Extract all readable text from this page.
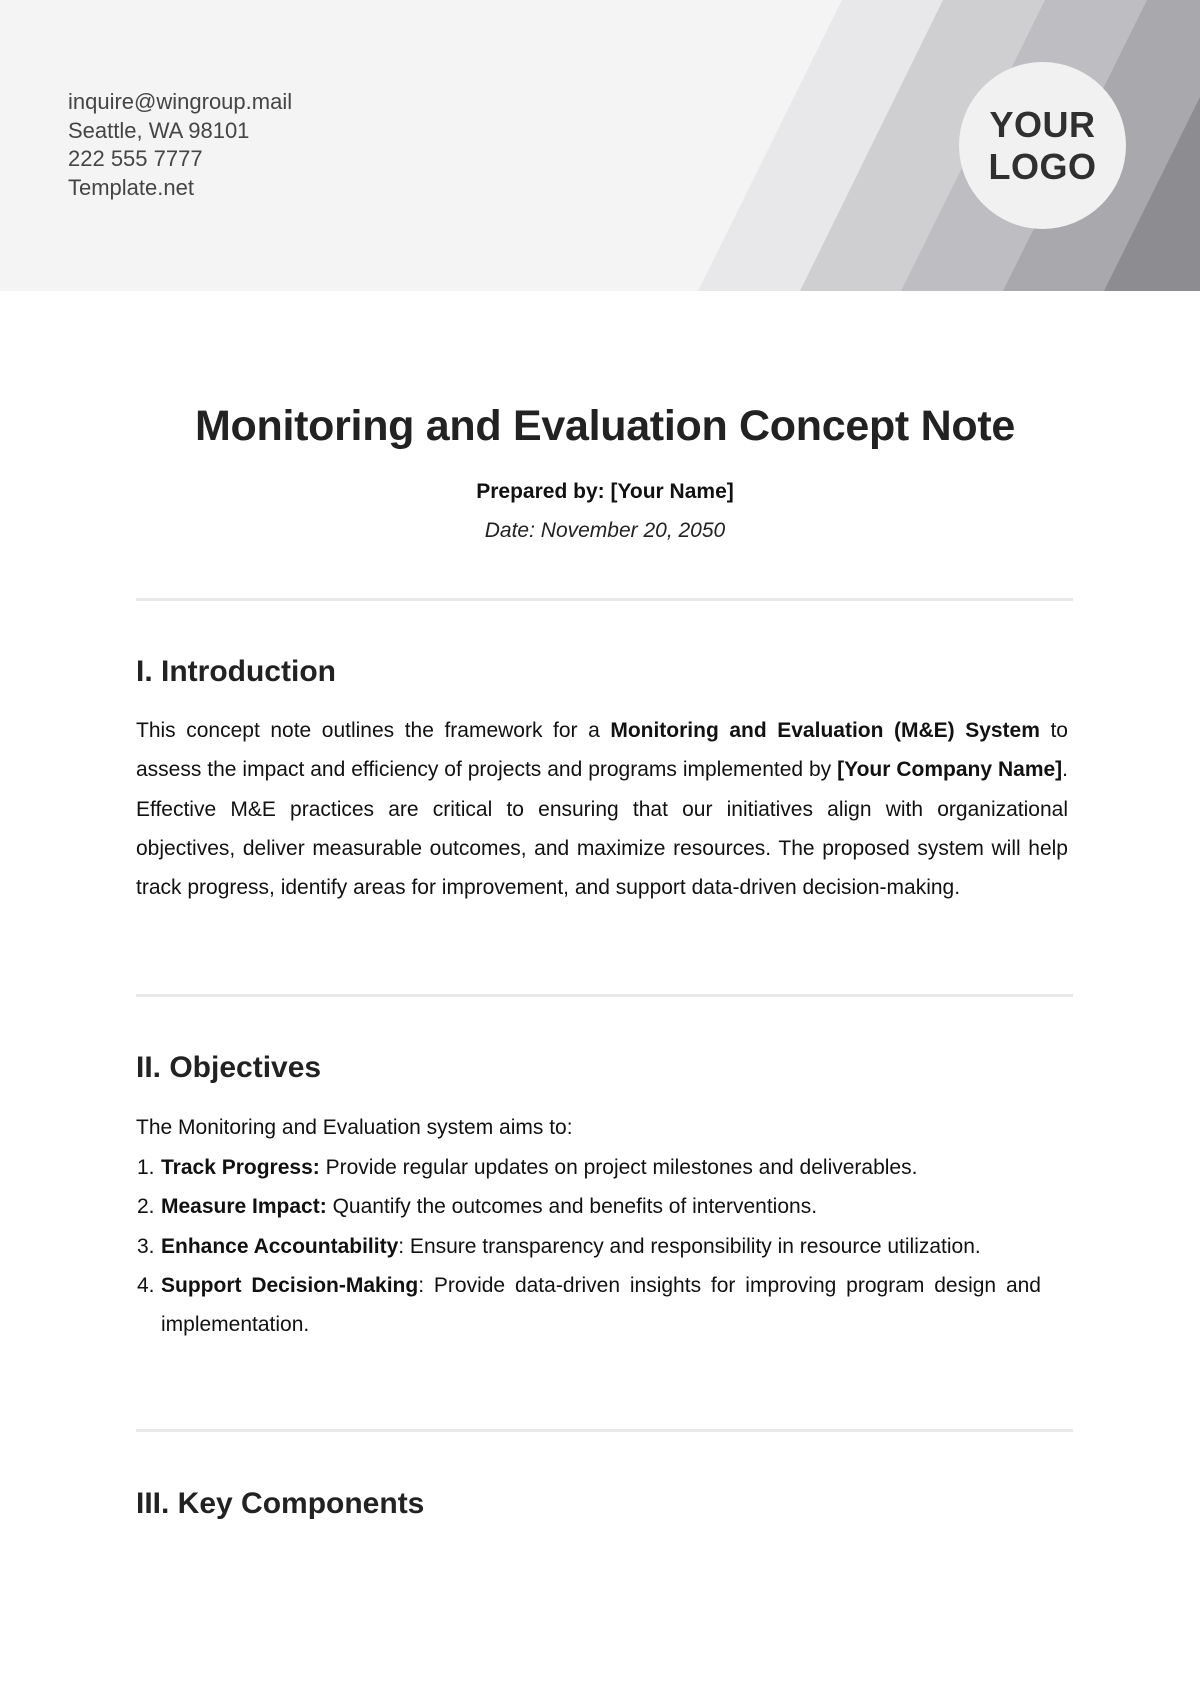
inquire@wingroup.mail
Seattle, WA 98101
222 555 7777
Template.net
YOUR
LOGO
Monitoring and Evaluation Concept Note
Prepared by: [Your Name]
Date: November 20, 2050
I. Introduction

This concept note outlines the framework for a Monitoring and Evaluation (M&E) System to assess the impact and efficiency of projects and programs implemented by [Your Company Name]. Effective M&E practices are critical to ensuring that our initiatives align with organizational objectives, deliver measurable outcomes, and maximize resources. The proposed system will help track progress, identify areas for improvement, and support data-driven decision-making.

II. Objectives

The Monitoring and Evaluation system aims to:

1. Track Progress: Provide regular updates on project milestones and deliverables.
2. Measure Impact: Quantify the outcomes and benefits of interventions.
3. Enhance Accountability: Ensure transparency and responsibility in resource utilization.
4. Support Decision-Making: Provide data-driven insights for improving program design and implementation.
III. Key Components
